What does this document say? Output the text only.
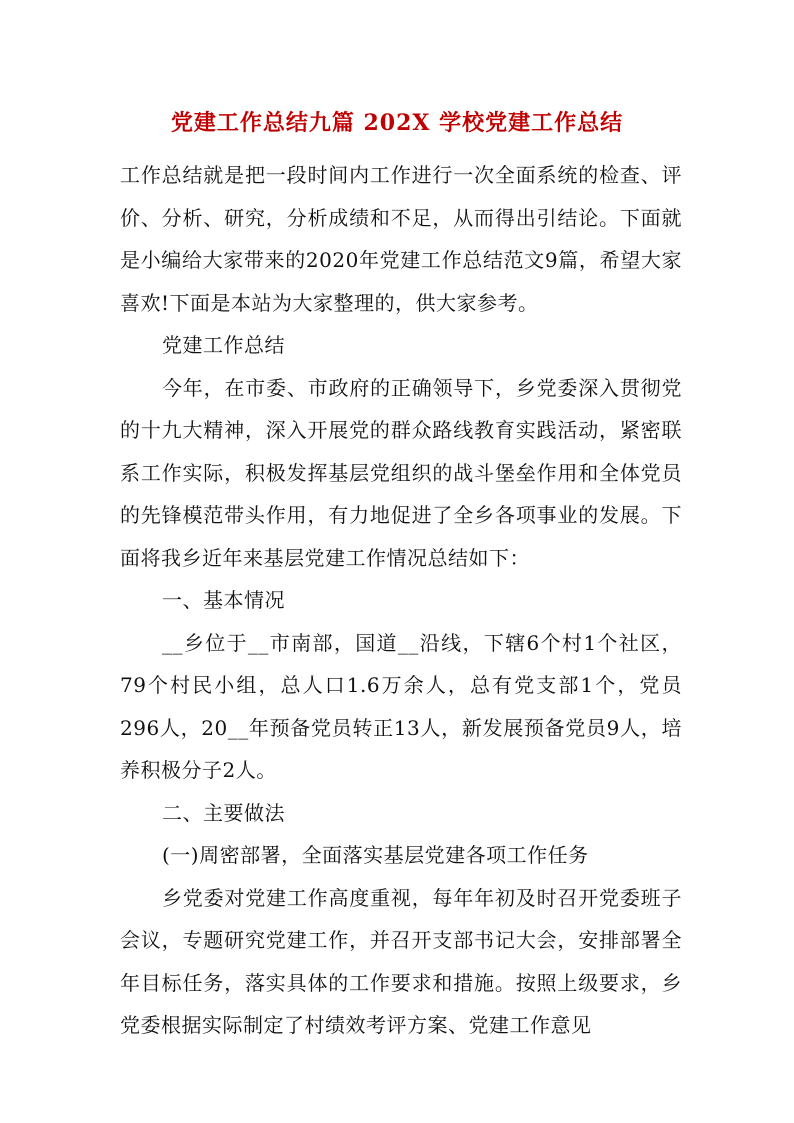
党建工作总结九篇 202X 学校党建工作总结

工作总结就是把一段时间内工作进行一次全面系统的检查、评价、分析、研究，分析成绩和不足，从而得出引结论。下面就是小编给大家带来的2020年党建工作总结范文9篇，希望大家喜欢!下面是本站为大家整理的，供大家参考。

党建工作总结

今年，在市委、市政府的正确领导下，乡党委深入贯彻党的十九大精神，深入开展党的群众路线教育实践活动，紧密联系工作实际，积极发挥基层党组织的战斗堡垒作用和全体党员的先锋模范带头作用，有力地促进了全乡各项事业的发展。下面将我乡近年来基层党建工作情况总结如下：

一、基本情况

__乡位于__市南部，国道__沿线，下辖6个村1个社区，79个村民小组，总人口1.6万余人，总有党支部1个，党员296人，20__年预备党员转正13人，新发展预备党员9人，培养积极分子2人。

二、主要做法

(一)周密部署，全面落实基层党建各项工作任务

乡党委对党建工作高度重视，每年年初及时召开党委班子会议，专题研究党建工作，并召开支部书记大会，安排部署全年目标任务，落实具体的工作要求和措施。按照上级要求，乡党委根据实际制定了村绩效考评方案、党建工作意见
